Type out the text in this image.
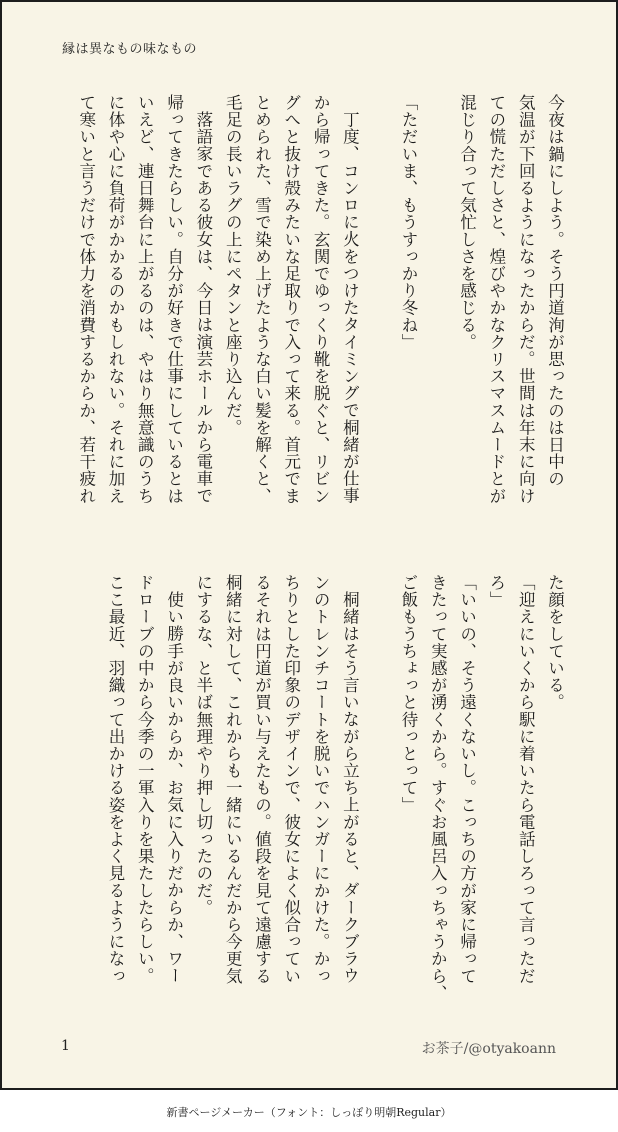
縁は異なもの味なもの
今夜は鍋にしよう。そう円道洵が思ったのは日中の
気温が下回るようになったからだ。世間は年末に向け
ての慌ただしさと、煌びやかなクリスマスムードとが
混じり合って気忙しさを感じる。
「ただいま、もうすっかり冬ね」
丁度、コンロに火をつけたタイミングで桐緒が仕事
から帰ってきた。玄関でゆっくり靴を脱ぐと、リビン
グへと抜け殻みたいな足取りで入って来る。首元でま
とめられた、雪で染め上げたような白い髪を解くと、
毛足の長いラグの上にペタンと座り込んだ。
落語家である彼女は、今日は演芸ホールから電車で
帰ってきたらしい。自分が好きで仕事にしているとは
いえど、連日舞台に上がるのは、やはり無意識のうち
に体や心に負荷がかかるのかもしれない。それに加え
て寒いと言うだけで体力を消費するからか、若干疲れ
た顔をしている。
「迎えにいくから駅に着いたら電話しろって言っただ
ろ」
「いいの、そう遠くないし。こっちの方が家に帰って
きたって実感が湧くから。すぐお風呂入っちゃうから、
ご飯もうちょっと待っとって」
桐緒はそう言いながら立ち上がると、ダークブラウ
ンのトレンチコートを脱いでハンガーにかけた。かっ
ちりとした印象のデザインで、彼女によく似合ってい
るそれは円道が買い与えたもの。値段を見て遠慮する
桐緒に対して、これからも一緒にいるんだから今更気
にするな、と半ば無理やり押し切ったのだ。
使い勝手が良いからか、お気に入りだからか、ワー
ドローブの中から今季の一軍入りを果たしたらしい。
ここ最近、羽織って出かける姿をよく見るようになっ
1	お茶子/@otyakoann
新書ページメーカー（フォント：しっぽり明朝Regular）
